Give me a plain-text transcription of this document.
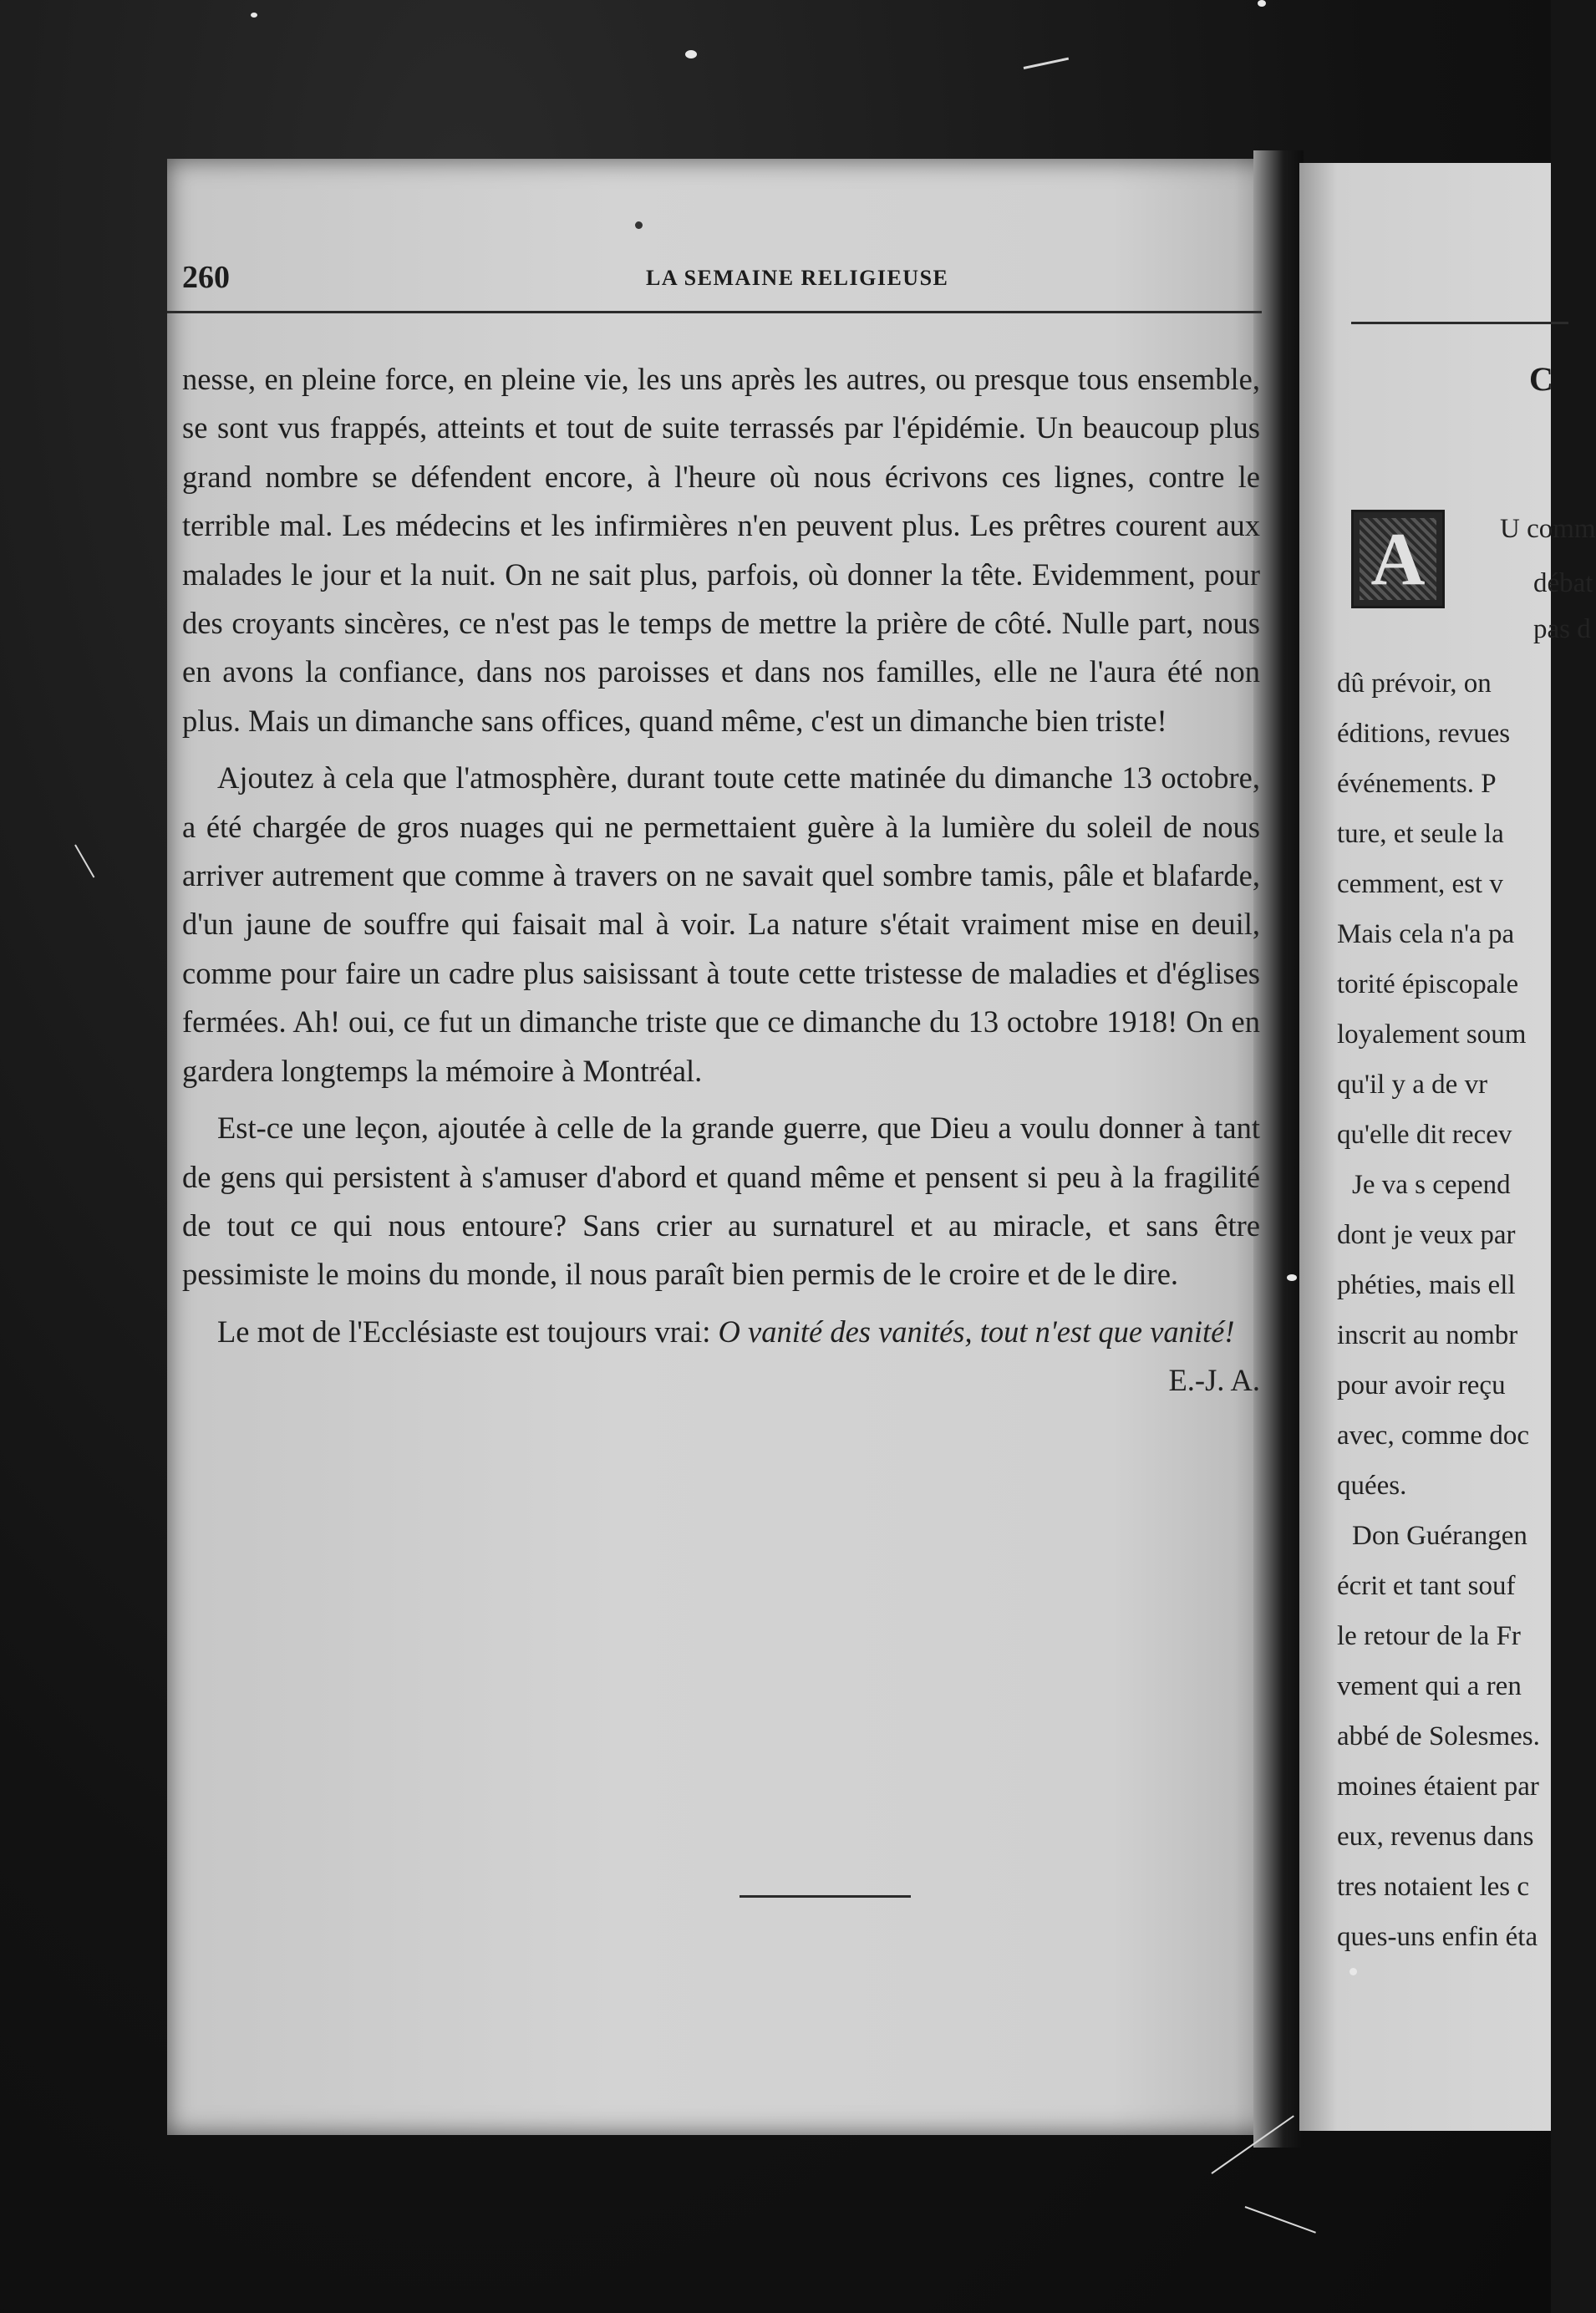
260	LA SEMAINE RELIGIEUSE

nesse, en pleine force, en pleine vie, les uns après les autres, ou presque tous ensemble, se sont vus frappés, atteints et tout de suite terrassés par l'épidémie. Un beaucoup plus grand nombre se défendent encore, à l'heure où nous écrivons ces lignes, contre le terrible mal. Les médecins et les infirmières n'en peuvent plus. Les prêtres courent aux malades le jour et la nuit. On ne sait plus, parfois, où donner la tête. Evidemment, pour des croyants sincères, ce n'est pas le temps de mettre la prière de côté. Nulle part, nous en avons la confiance, dans nos paroisses et dans nos familles, elle ne l'aura été non plus. Mais un dimanche sans offices, quand même, c'est un dimanche bien triste!

Ajoutez à cela que l'atmosphère, durant toute cette matinée du dimanche 13 octobre, a été chargée de gros nuages qui ne permettaient guère à la lumière du soleil de nous arriver autrement que comme à travers on ne savait quel sombre tamis, pâle et blafarde, d'un jaune de souffre qui faisait mal à voir. La nature s'était vraiment mise en deuil, comme pour faire un cadre plus saisissant à toute cette tristesse de maladies et d'églises fermées. Ah! oui, ce fut un dimanche triste que ce dimanche du 13 octobre 1918! On en gardera longtemps la mémoire à Montréal.

Est-ce une leçon, ajoutée à celle de la grande guerre, que Dieu a voulu donner à tant de gens qui persistent à s'amuser d'abord et quand même et pensent si peu à la fragilité de tout ce qui nous entoure? Sans crier au surnaturel et au miracle, et sans être pessimiste le moins du monde, il nous paraît bien permis de le croire et de le dire.

Le mot de l'Ecclésiaste est toujours vrai: O vanité des vanités, tout n'est que vanité!
E.-J. A.

C
A	U comm
débat
pas d
dû prévoir, on
éditions, revues
événements. P
ture, et seule la
cemment, est v
Mais cela n'a pa
torité épiscopale
loyalement soum
qu'il y a de vr
qu'elle dit recev
Je va s cepend
dont je veux par
phéties, mais ell
inscrit au nombr
pour avoir reçu
avec, comme doc
quées.
Don Guérangen
écrit et tant souf
le retour de la Fr
vement qui a ren
abbé de Solesmes.
moines étaient par
eux, revenus dans
tres notaient les c
ques-uns enfin éta
